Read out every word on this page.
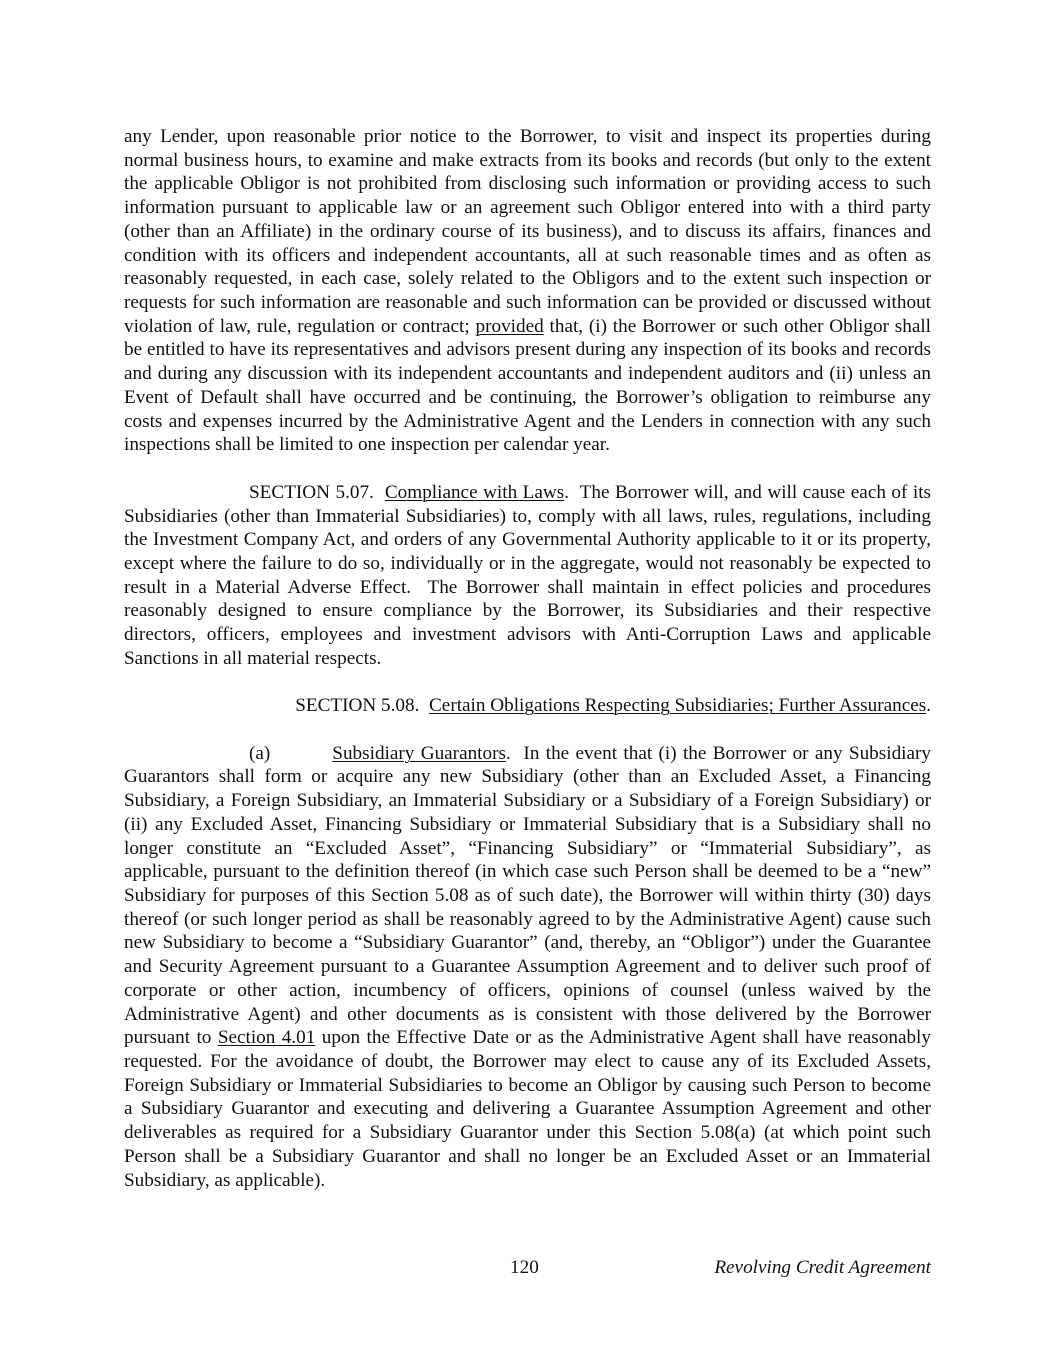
any Lender, upon reasonable prior notice to the Borrower, to visit and inspect its properties during normal business hours, to examine and make extracts from its books and records (but only to the extent the applicable Obligor is not prohibited from disclosing such information or providing access to such information pursuant to applicable law or an agreement such Obligor entered into with a third party (other than an Affiliate) in the ordinary course of its business), and to discuss its affairs, finances and condition with its officers and independent accountants, all at such reasonable times and as often as reasonably requested, in each case, solely related to the Obligors and to the extent such inspection or requests for such information are reasonable and such information can be provided or discussed without violation of law, rule, regulation or contract; provided that, (i) the Borrower or such other Obligor shall be entitled to have its representatives and advisors present during any inspection of its books and records and during any discussion with its independent accountants and independent auditors and (ii) unless an Event of Default shall have occurred and be continuing, the Borrower’s obligation to reimburse any costs and expenses incurred by the Administrative Agent and the Lenders in connection with any such inspections shall be limited to one inspection per calendar year.

SECTION 5.07. Compliance with Laws.  The Borrower will, and will cause each of its Subsidiaries (other than Immaterial Subsidiaries) to, comply with all laws, rules, regulations, including the Investment Company Act, and orders of any Governmental Authority applicable to it or its property, except where the failure to do so, individually or in the aggregate, would not reasonably be expected to result in a Material Adverse Effect.  The Borrower shall maintain in effect policies and procedures reasonably designed to ensure compliance by the Borrower, its Subsidiaries and their respective directors, officers, employees and investment advisors with Anti-Corruption Laws and applicable Sanctions in all material respects.

SECTION 5.08. Certain Obligations Respecting Subsidiaries; Further Assurances.

(a)	Subsidiary Guarantors.  In the event that (i) the Borrower or any Subsidiary Guarantors shall form or acquire any new Subsidiary (other than an Excluded Asset, a Financing Subsidiary, a Foreign Subsidiary, an Immaterial Subsidiary or a Subsidiary of a Foreign Subsidiary) or (ii) any Excluded Asset, Financing Subsidiary or Immaterial Subsidiary that is a Subsidiary shall no longer constitute an “Excluded Asset”, “Financing Subsidiary” or “Immaterial Subsidiary”, as applicable, pursuant to the definition thereof (in which case such Person shall be deemed to be a “new” Subsidiary for purposes of this Section 5.08 as of such date), the Borrower will within thirty (30) days thereof (or such longer period as shall be reasonably agreed to by the Administrative Agent) cause such new Subsidiary to become a “Subsidiary Guarantor” (and, thereby, an “Obligor”) under the Guarantee and Security Agreement pursuant to a Guarantee Assumption Agreement and to deliver such proof of corporate or other action, incumbency of officers, opinions of counsel (unless waived by the Administrative Agent) and other documents as is consistent with those delivered by the Borrower pursuant to Section 4.01 upon the Effective Date or as the Administrative Agent shall have reasonably requested. For the avoidance of doubt, the Borrower may elect to cause any of its Excluded Assets, Foreign Subsidiary or Immaterial Subsidiaries to become an Obligor by causing such Person to become a Subsidiary Guarantor and executing and delivering a Guarantee Assumption Agreement and other deliverables as required for a Subsidiary Guarantor under this Section 5.08(a) (at which point such Person shall be a Subsidiary Guarantor and shall no longer be an Excluded Asset or an Immaterial Subsidiary, as applicable).

120	Revolving Credit Agreement
